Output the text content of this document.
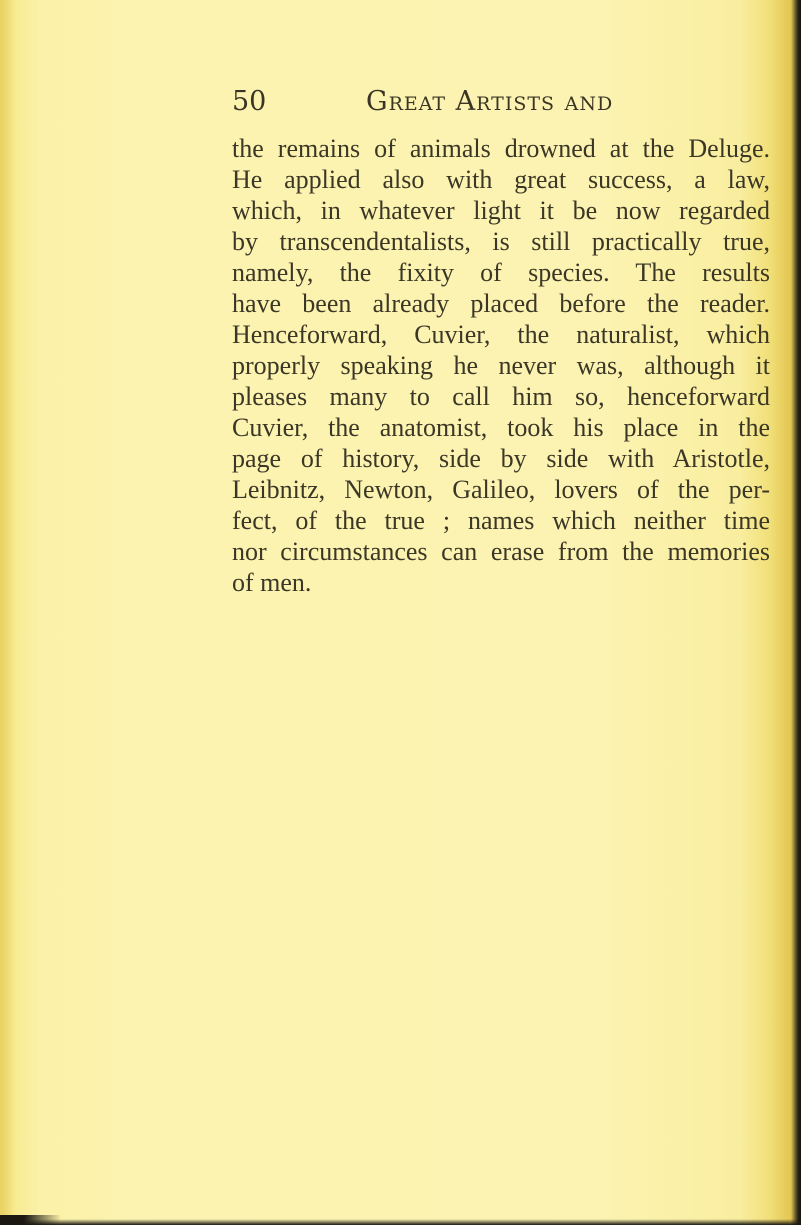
50	Great Artists and
the remains of animals drowned at the Deluge.
He applied also with great success, a law,
which, in whatever light it be now regarded
by transcendentalists, is still practically true,
namely, the fixity of species. The results
have been already placed before the reader.
Henceforward, Cuvier, the naturalist, which
properly speaking he never was, although it
pleases many to call him so, henceforward
Cuvier, the anatomist, took his place in the
page of history, side by side with Aristotle,
Leibnitz, Newton, Galileo, lovers of the per-
fect, of the true ; names which neither time
nor circumstances can erase from the memories
of men.
